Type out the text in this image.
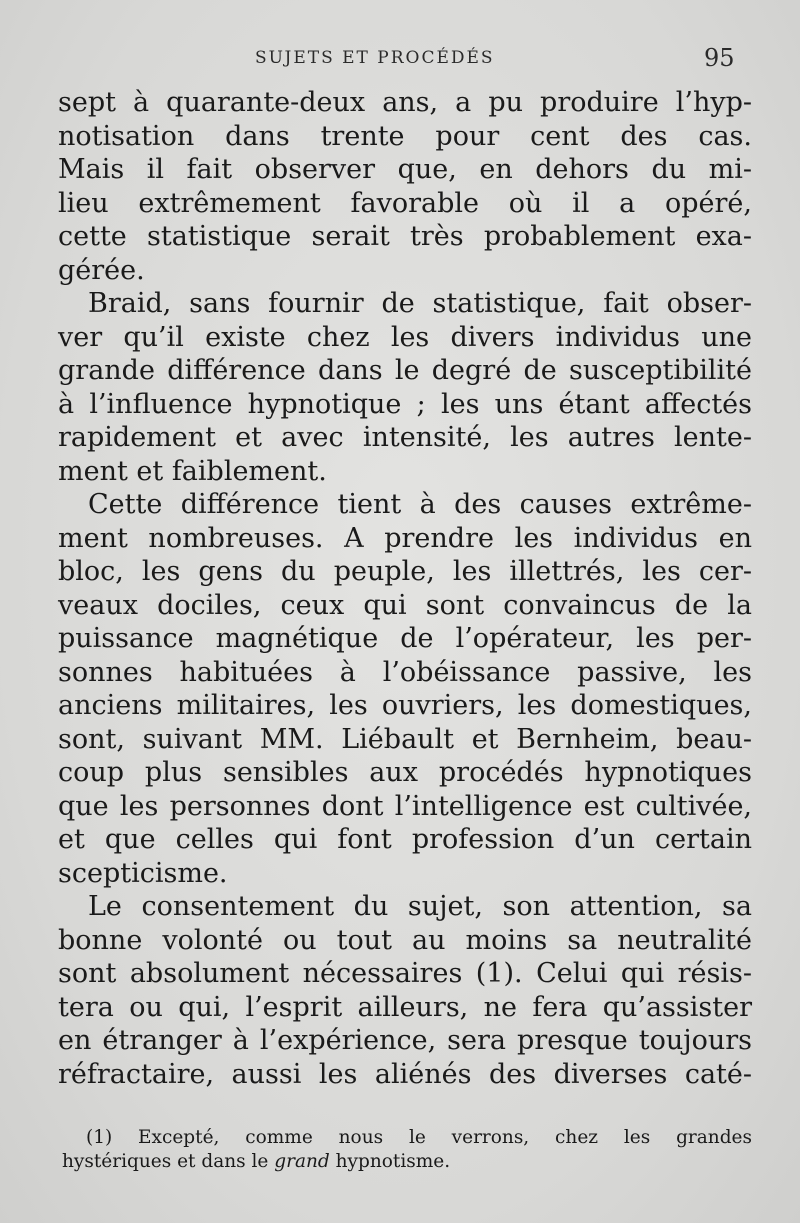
SUJETS ET PROCÉDÉS	95
sept à quarante-deux ans, a pu produire l’hyp-
notisation dans trente pour cent des cas.
Mais il fait observer que, en dehors du mi-
lieu extrêmement favorable où il a opéré,
cette statistique serait très probablement exa-
gérée.
Braid, sans fournir de statistique, fait obser-
ver qu’il existe chez les divers individus une
grande différence dans le degré de susceptibilité
à l’influence hypnotique ; les uns étant affectés
rapidement et avec intensité, les autres lente-
ment et faiblement.
Cette différence tient à des causes extrême-
ment nombreuses. A prendre les individus en
bloc, les gens du peuple, les illettrés, les cer-
veaux dociles, ceux qui sont convaincus de la
puissance magnétique de l’opérateur, les per-
sonnes habituées à l’obéissance passive, les
anciens militaires, les ouvriers, les domestiques,
sont, suivant MM. Liébault et Bernheim, beau-
coup plus sensibles aux procédés hypnotiques
que les personnes dont l’intelligence est cultivée,
et que celles qui font profession d’un certain
scepticisme.
Le consentement du sujet, son attention, sa
bonne volonté ou tout au moins sa neutralité
sont absolument nécessaires (1). Celui qui résis-
tera ou qui, l’esprit ailleurs, ne fera qu’assister
en étranger à l’expérience, sera presque toujours
réfractaire, aussi les aliénés des diverses caté-
(1) Excepté, comme nous le verrons, chez les grandes
hystériques et dans le grand hypnotisme.
